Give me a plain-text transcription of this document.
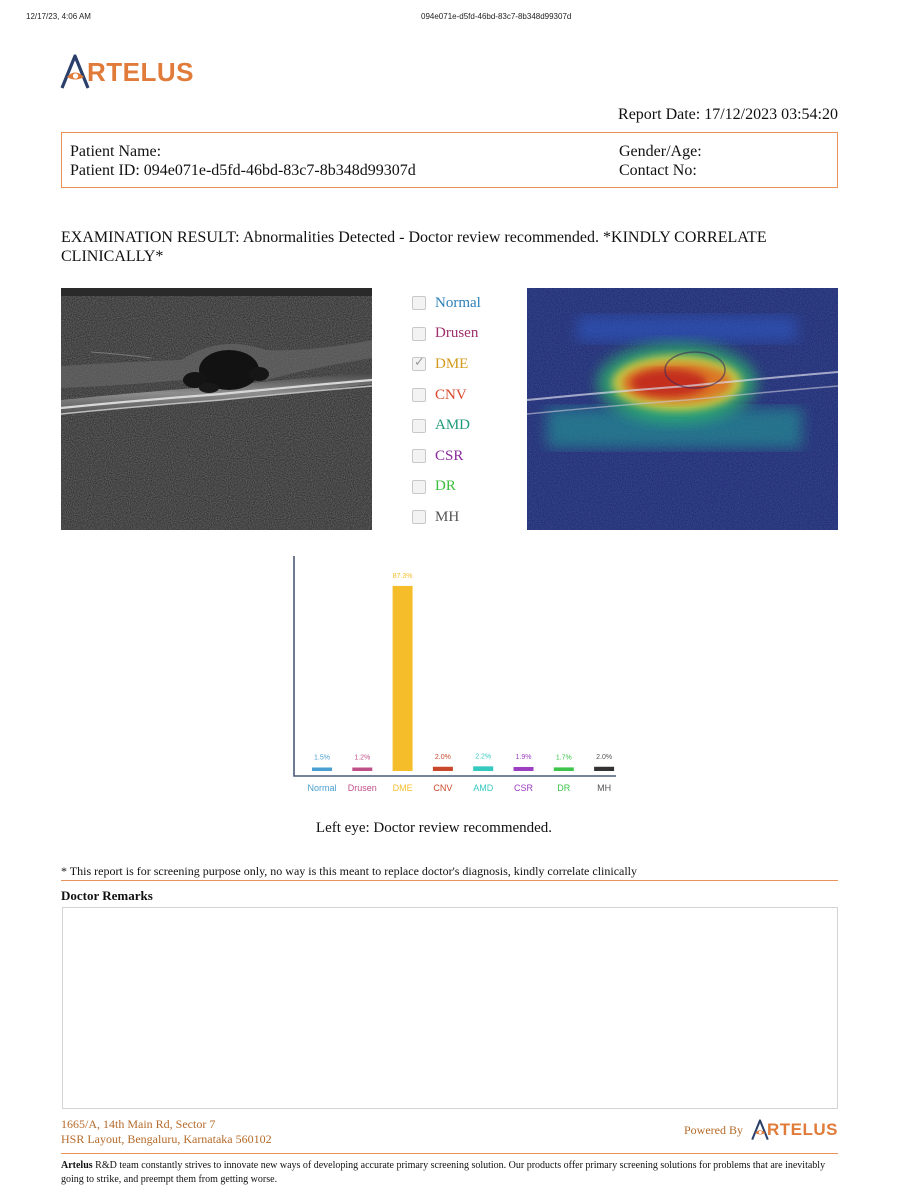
12/17/23, 4:06 AM	094e071e-d5fd-46bd-83c7-8b348d99307d
RTELUS
Report Date: 17/12/2023 03:54:20
Patient Name:
Patient ID: 094e071e-d5fd-46bd-83c7-8b348d99307d
Gender/Age:
Contact No:
EXAMINATION RESULT: Abnormalities Detected - Doctor review recommended. *KINDLY CORRELATE CLINICALLY*
Normal
Drusen
✓
DME
CNV
AMD
CSR
DR
MH
1.5%
Normal
1.2%
Drusen
87.3%
DME
2.0%
CNV
2.2%
AMD
1.9%
CSR
1.7%
DR
2.0%
MH
Left eye: Doctor review recommended.
* This report is for screening purpose only, no way is this meant to replace doctor's diagnosis, kindly correlate clinically
Doctor Remarks
1665/A, 14th Main Rd, Sector 7
HSR Layout, Bengaluru, Karnataka 560102
Powered By RTELUS
Artelus R&D team constantly strives to innovate new ways of developing accurate primary screening solution. Our products offer primary screening solutions for problems that are inevitably going to strike, and preempt them from getting worse.
